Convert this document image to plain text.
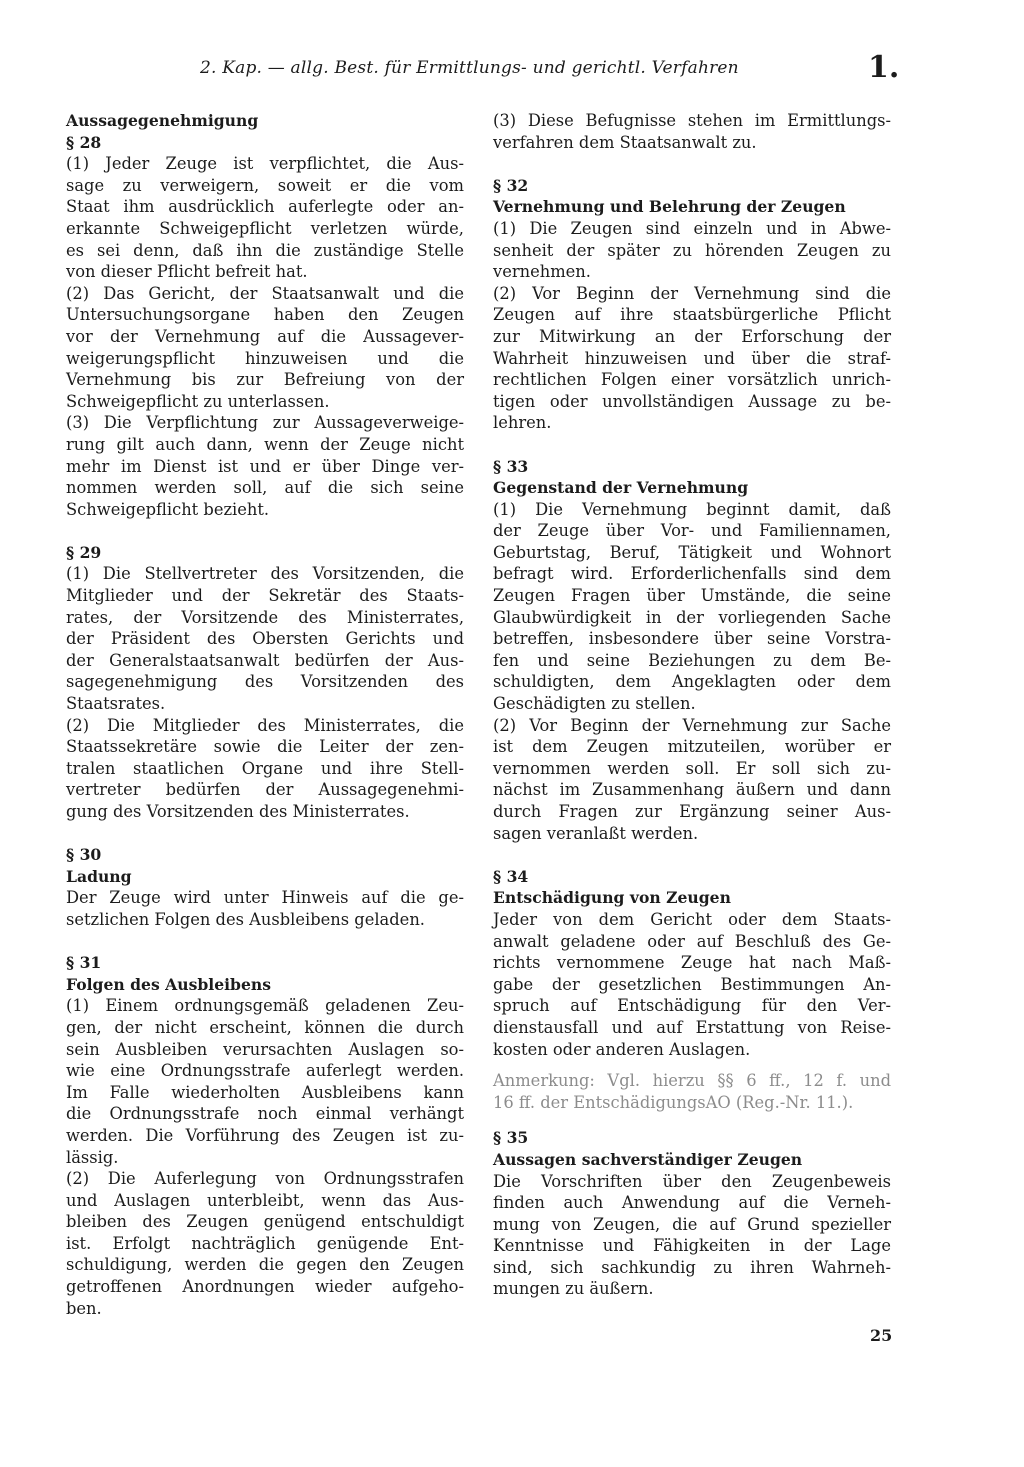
2. Kap. — allg. Best. für Ermittlungs- und gerichtl. Verfahren	1.

Aussagegenehmigung

§ 28

(1) Jeder Zeuge ist verpflichtet, die Aus-

sage zu verweigern, soweit er die vom

Staat ihm ausdrücklich auferlegte oder an-

erkannte Schweigepflicht verletzen würde,

es sei denn, daß ihn die zuständige Stelle

von dieser Pflicht befreit hat.

(2) Das Gericht, der Staatsanwalt und die

Untersuchungsorgane haben den Zeugen

vor der Vernehmung auf die Aussagever-

weigerungspflicht hinzuweisen und die

Vernehmung bis zur Befreiung von der

Schweigepflicht zu unterlassen.

(3) Die Verpflichtung zur Aussageverweige-

rung gilt auch dann, wenn der Zeuge nicht

mehr im Dienst ist und er über Dinge ver-

nommen werden soll, auf die sich seine

Schweigepflicht bezieht.

§ 29

(1) Die Stellvertreter des Vorsitzenden, die

Mitglieder und der Sekretär des Staats-

rates, der Vorsitzende des Ministerrates,

der Präsident des Obersten Gerichts und

der Generalstaatsanwalt bedürfen der Aus-

sagegenehmigung des Vorsitzenden des

Staatsrates.

(2) Die Mitglieder des Ministerrates, die

Staatssekretäre sowie die Leiter der zen-

tralen staatlichen Organe und ihre Stell-

vertreter bedürfen der Aussagegenehmi-

gung des Vorsitzenden des Ministerrates.

§ 30

Ladung

Der Zeuge wird unter Hinweis auf die ge-

setzlichen Folgen des Ausbleibens geladen.

§ 31

Folgen des Ausbleibens

(1) Einem ordnungsgemäß geladenen Zeu-

gen, der nicht erscheint, können die durch

sein Ausbleiben verursachten Auslagen so-

wie eine Ordnungsstrafe auferlegt werden.

Im Falle wiederholten Ausbleibens kann

die Ordnungsstrafe noch einmal verhängt

werden. Die Vorführung des Zeugen ist zu-

lässig.

(2) Die Auferlegung von Ordnungsstrafen

und Auslagen unterbleibt, wenn das Aus-

bleiben des Zeugen genügend entschuldigt

ist. Erfolgt nachträglich genügende Ent-

schuldigung, werden die gegen den Zeugen

getroffenen Anordnungen wieder aufgeho-

ben.

(3) Diese Befugnisse stehen im Ermittlungs-

verfahren dem Staatsanwalt zu.

§ 32

Vernehmung und Belehrung der Zeugen

(1) Die Zeugen sind einzeln und in Abwe-

senheit der später zu hörenden Zeugen zu

vernehmen.

(2) Vor Beginn der Vernehmung sind die

Zeugen auf ihre staatsbürgerliche Pflicht

zur Mitwirkung an der Erforschung der

Wahrheit hinzuweisen und über die straf-

rechtlichen Folgen einer vorsätzlich unrich-

tigen oder unvollständigen Aussage zu be-

lehren.

§ 33

Gegenstand der Vernehmung

(1) Die Vernehmung beginnt damit, daß

der Zeuge über Vor- und Familiennamen,

Geburtstag, Beruf, Tätigkeit und Wohnort

befragt wird. Erforderlichenfalls sind dem

Zeugen Fragen über Umstände, die seine

Glaubwürdigkeit in der vorliegenden Sache

betreffen, insbesondere über seine Vorstra-

fen und seine Beziehungen zu dem Be-

schuldigten, dem Angeklagten oder dem

Geschädigten zu stellen.

(2) Vor Beginn der Vernehmung zur Sache

ist dem Zeugen mitzuteilen, worüber er

vernommen werden soll. Er soll sich zu-

nächst im Zusammenhang äußern und dann

durch Fragen zur Ergänzung seiner Aus-

sagen veranlaßt werden.

§ 34

Entschädigung von Zeugen

Jeder von dem Gericht oder dem Staats-

anwalt geladene oder auf Beschluß des Ge-

richts vernommene Zeuge hat nach Maß-

gabe der gesetzlichen Bestimmungen An-

spruch auf Entschädigung für den Ver-

dienstausfall und auf Erstattung von Reise-

kosten oder anderen Auslagen.

Anmerkung: Vgl. hierzu §§ 6 ff., 12 f. und

16 ff. der EntschädigungsAO (Reg.-Nr. 11.).

§ 35

Aussagen sachverständiger Zeugen

Die Vorschriften über den Zeugenbeweis

finden auch Anwendung auf die Verneh-

mung von Zeugen, die auf Grund spezieller

Kenntnisse und Fähigkeiten in der Lage

sind, sich sachkundig zu ihren Wahrneh-

mungen zu äußern.

25
